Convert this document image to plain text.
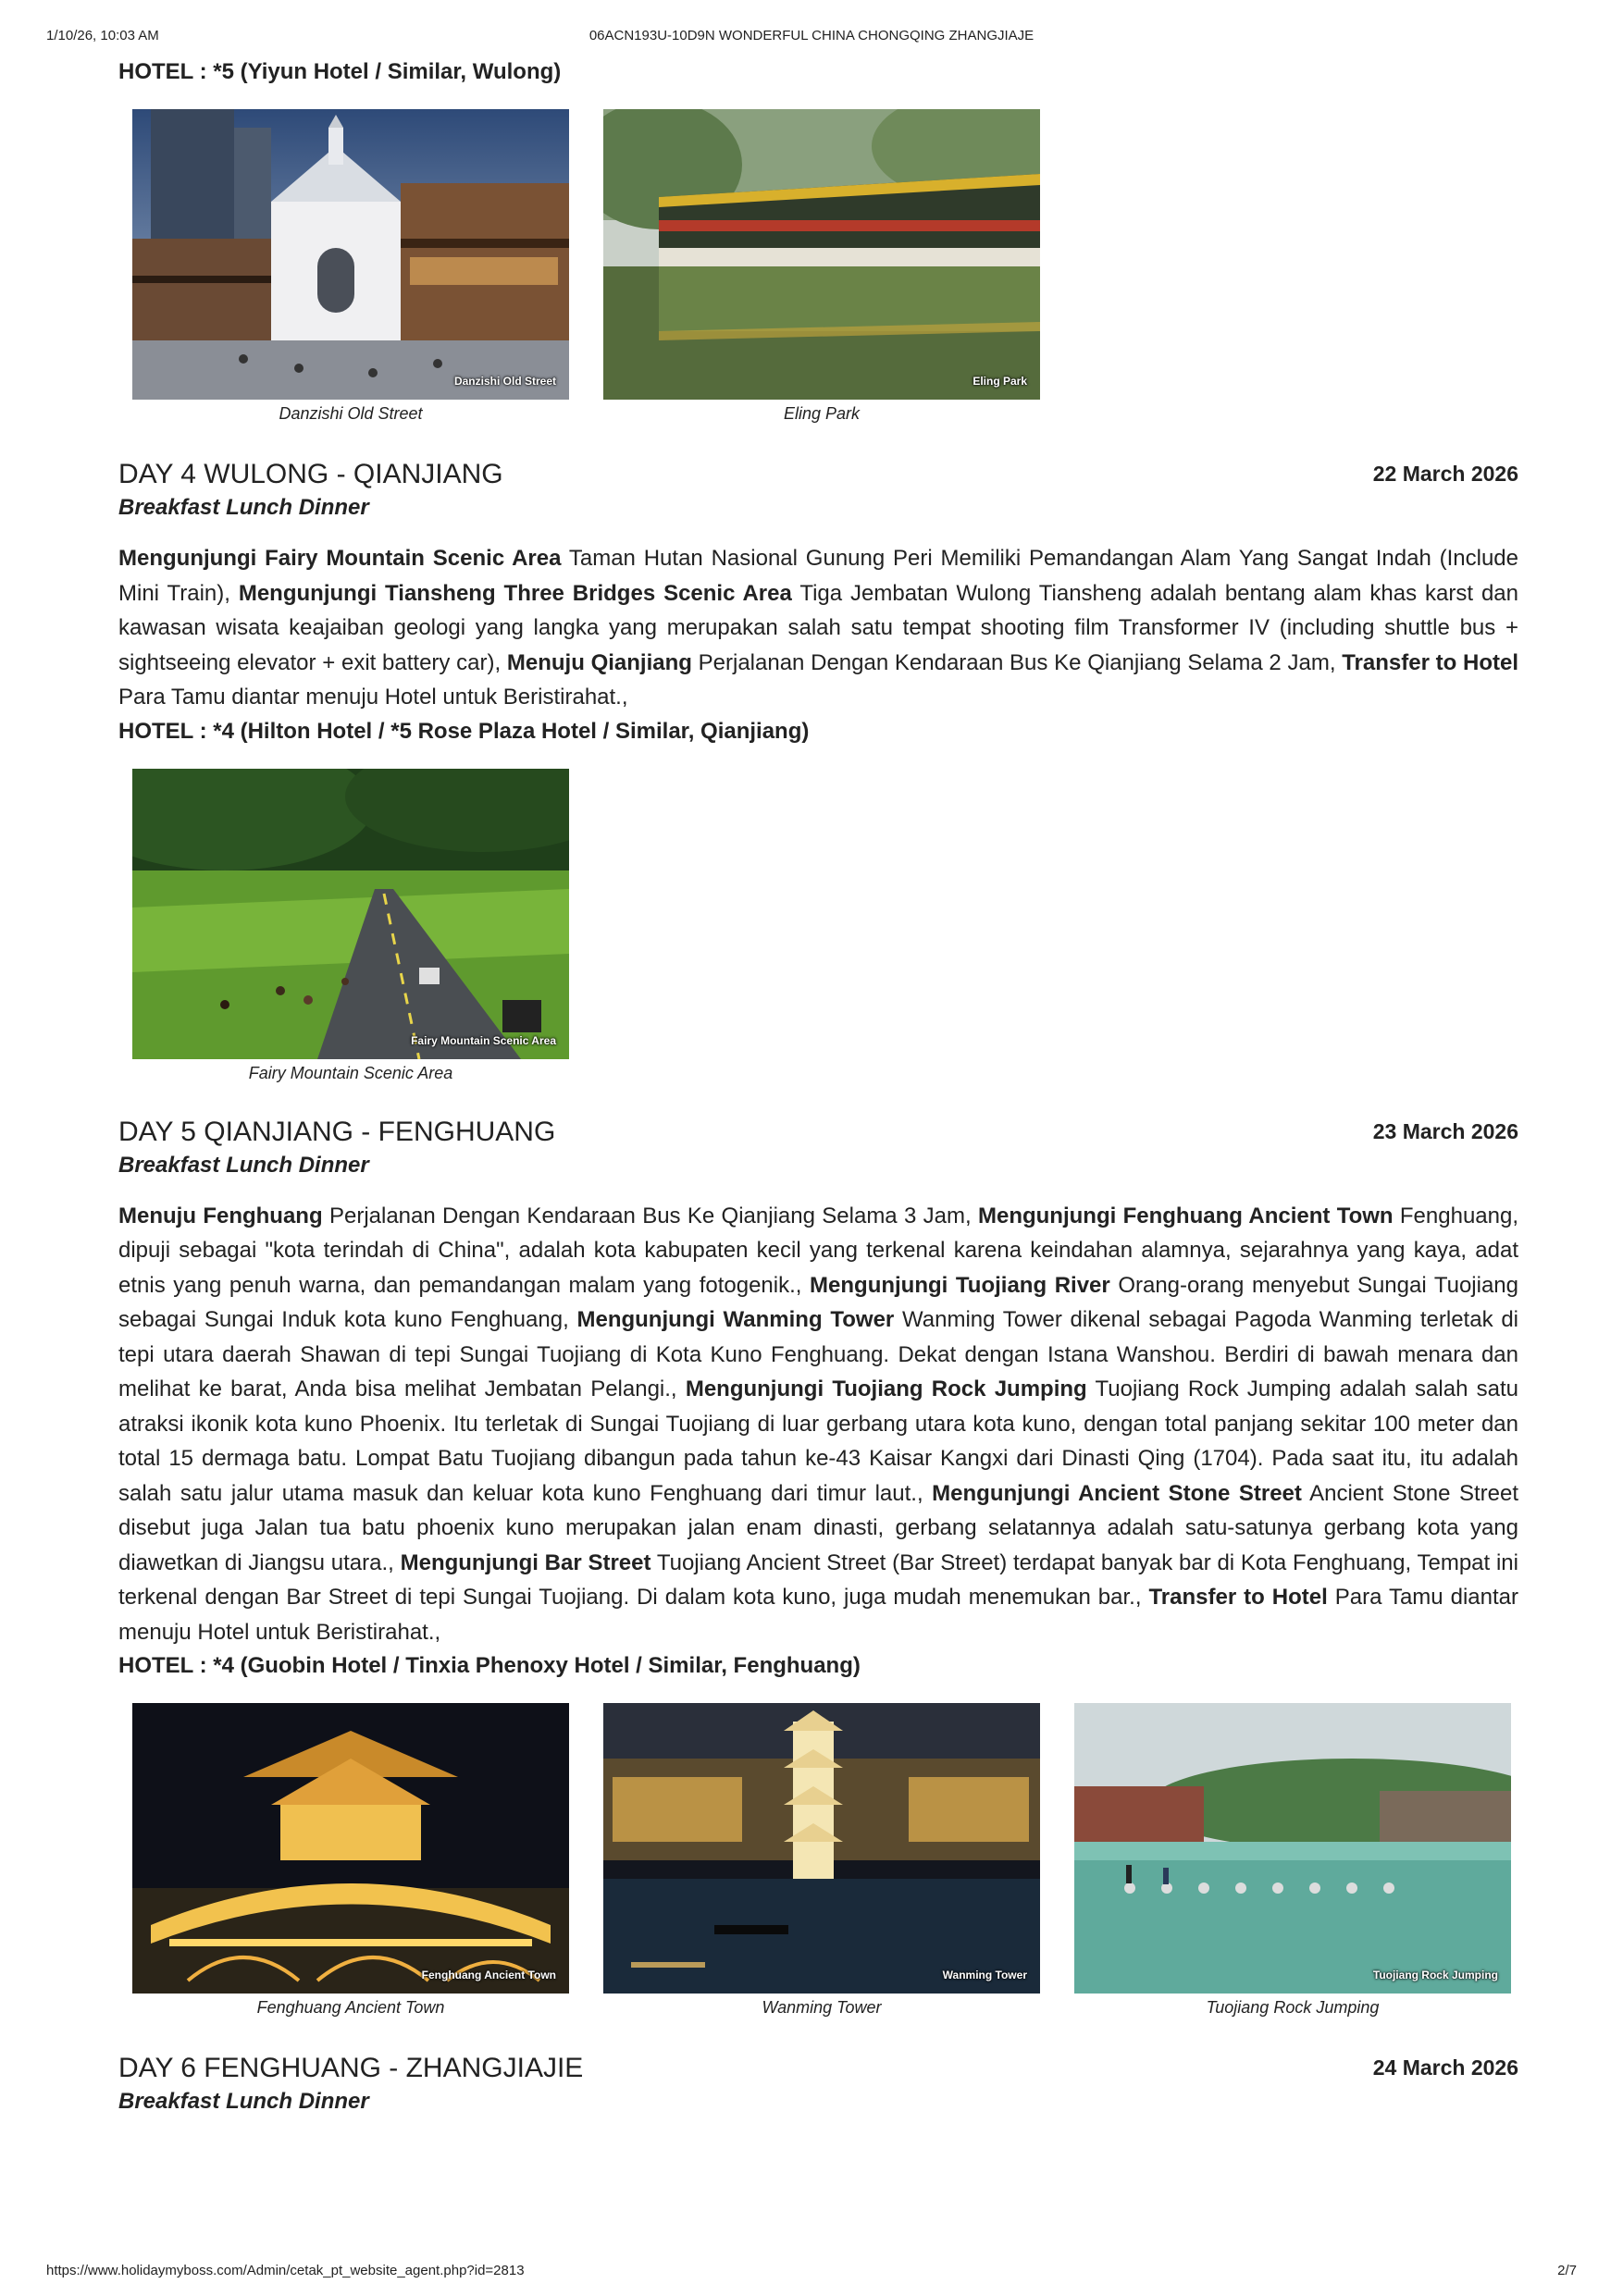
1/10/26, 10:03 AM	06ACN193U-10D9N WONDERFUL CHINA CHONGQING ZHANGJIAJE
HOTEL : *5 (Yiyun Hotel / Similar, Wulong)
Danzishi Old Street
Danzishi Old Street
Eling Park
Eling Park
DAY 4 WULONG - QIANJIANG	22 March 2026
Breakfast Lunch Dinner
Mengunjungi Fairy Mountain Scenic Area Taman Hutan Nasional Gunung Peri Memiliki Pemandangan Alam Yang Sangat Indah (Include Mini Train), Mengunjungi Tiansheng Three Bridges Scenic Area Tiga Jembatan Wulong Tiansheng adalah bentang alam khas karst dan kawasan wisata keajaiban geologi yang langka yang merupakan salah satu tempat shooting film Transformer IV (including shuttle bus + sightseeing elevator + exit battery car), Menuju Qianjiang Perjalanan Dengan Kendaraan Bus Ke Qianjiang Selama 2 Jam, Transfer to Hotel Para Tamu diantar menuju Hotel untuk Beristirahat.,
HOTEL : *4 (Hilton Hotel / *5 Rose Plaza Hotel / Similar, Qianjiang)
Fairy Mountain Scenic Area
Fairy Mountain Scenic Area
DAY 5 QIANJIANG - FENGHUANG	23 March 2026
Breakfast Lunch Dinner
Menuju Fenghuang Perjalanan Dengan Kendaraan Bus Ke Qianjiang Selama 3 Jam, Mengunjungi Fenghuang Ancient Town Fenghuang, dipuji sebagai "kota terindah di China", adalah kota kabupaten kecil yang terkenal karena keindahan alamnya, sejarahnya yang kaya, adat etnis yang penuh warna, dan pemandangan malam yang fotogenik., Mengunjungi Tuojiang River Orang-orang menyebut Sungai Tuojiang sebagai Sungai Induk kota kuno Fenghuang, Mengunjungi Wanming Tower Wanming Tower dikenal sebagai Pagoda Wanming terletak di tepi utara daerah Shawan di tepi Sungai Tuojiang di Kota Kuno Fenghuang. Dekat dengan Istana Wanshou. Berdiri di bawah menara dan melihat ke barat, Anda bisa melihat Jembatan Pelangi., Mengunjungi Tuojiang Rock Jumping Tuojiang Rock Jumping adalah salah satu atraksi ikonik kota kuno Phoenix. Itu terletak di Sungai Tuojiang di luar gerbang utara kota kuno, dengan total panjang sekitar 100 meter dan total 15 dermaga batu. Lompat Batu Tuojiang dibangun pada tahun ke-43 Kaisar Kangxi dari Dinasti Qing (1704). Pada saat itu, itu adalah salah satu jalur utama masuk dan keluar kota kuno Fenghuang dari timur laut., Mengunjungi Ancient Stone Street Ancient Stone Street disebut juga Jalan tua batu phoenix kuno merupakan jalan enam dinasti, gerbang selatannya adalah satu-satunya gerbang kota yang diawetkan di Jiangsu utara., Mengunjungi Bar Street Tuojiang Ancient Street (Bar Street) terdapat banyak bar di Kota Fenghuang, Tempat ini terkenal dengan Bar Street di tepi Sungai Tuojiang. Di dalam kota kuno, juga mudah menemukan bar., Transfer to Hotel Para Tamu diantar menuju Hotel untuk Beristirahat.,
HOTEL : *4 (Guobin Hotel / Tinxia Phenoxy Hotel / Similar, Fenghuang)
Fenghuang Ancient Town
Fenghuang Ancient Town
Wanming Tower
Wanming Tower
Tuojiang Rock Jumping
Tuojiang Rock Jumping
DAY 6 FENGHUANG - ZHANGJIAJIE	24 March 2026
Breakfast Lunch Dinner
https://www.holidaymyboss.com/Admin/cetak_pt_website_agent.php?id=2813	2/7
